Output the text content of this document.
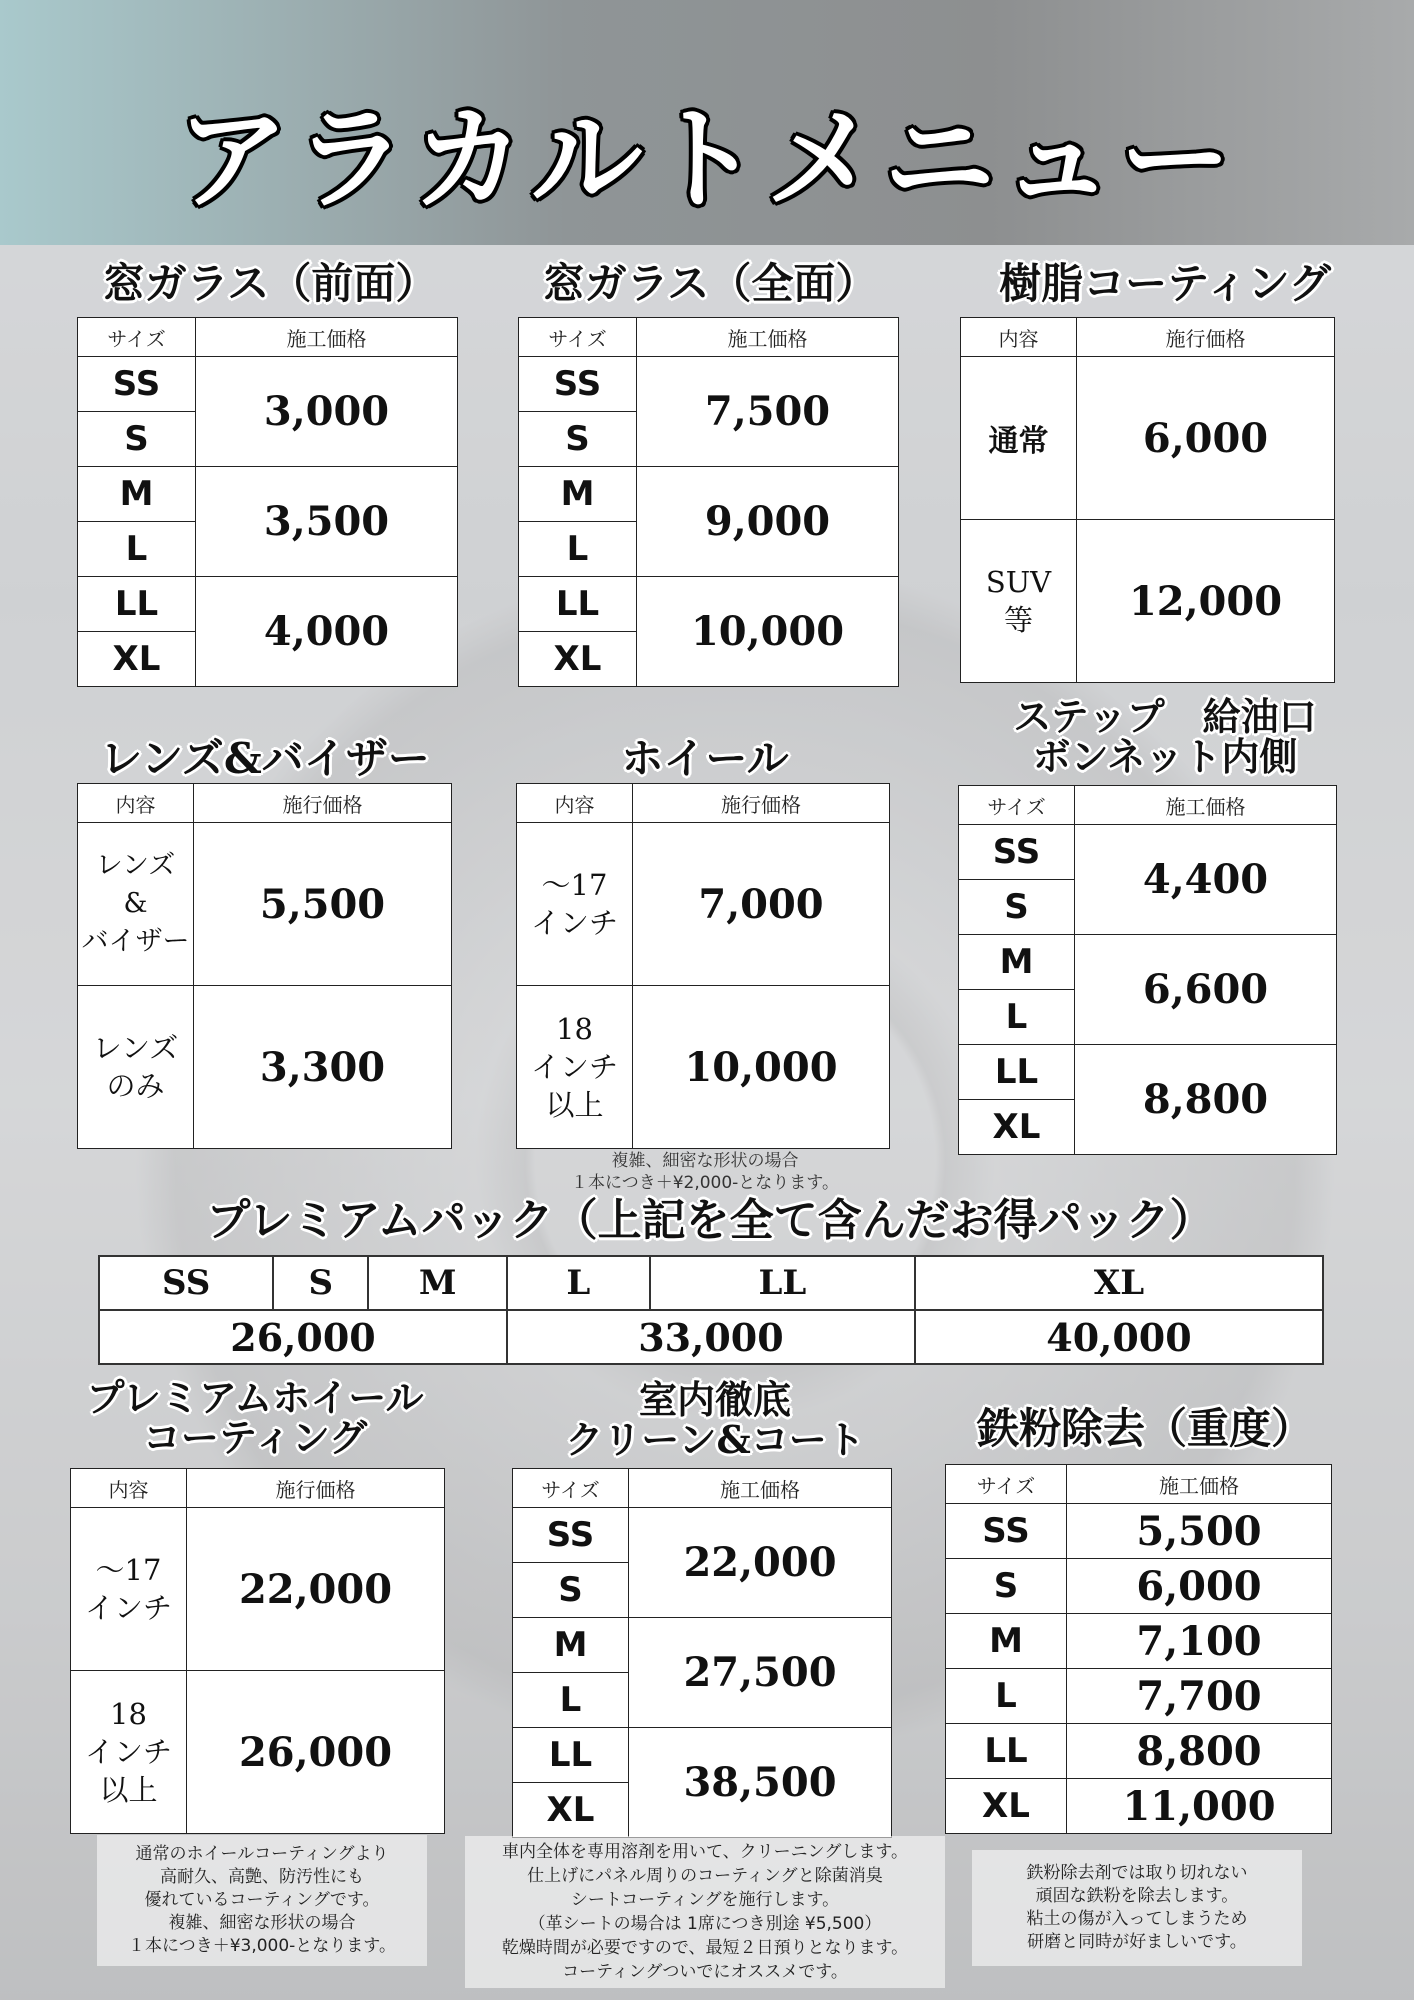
アラカルトメニュー
窓ガラス（前面）
サイズ	施工価格
SS	3,000
S	
M	3,500
L	
LL	4,000
XL	
窓ガラス（全面）
サイズ	施工価格
SS	7,500
S	
M	9,000
L	
LL	10,000
XL	
樹脂コーティング
内容	施行価格
通常	6,000

SUV
等	12,000
レンズ&バイザー
内容	施行価格

レンズ
&
バイザー	5,500

レンズ
のみ	3,300
ホイール
内容	施行価格

〜17
インチ	7,000

18
インチ
以上	10,000
複雑、細密な形状の場合
１本につき＋¥2,000-となります。
ステップ　給油口
ボンネット内側
サイズ	施工価格
SS	4,400
S	
M	6,600
L	
LL	8,800
XL	
プレミアムパック（上記を全て含んだお得パック）
SS	S	M	L	LL	XL
26,000			33,000		40,000
プレミアムホイール
コーティング
内容	施行価格

〜17
インチ	22,000

18
インチ
以上	26,000
通常のホイールコーティングより
高耐久、高艶、防汚性にも
優れているコーティングです。
複雑、細密な形状の場合
１本につき＋¥3,000-となります。
室内徹底
クリーン&コート
サイズ	施工価格
SS	22,000
S	
M	27,500
L	
LL	38,500
XL	
車内全体を専用溶剤を用いて、クリーニングします。
仕上げにパネル周りのコーティングと除菌消臭
シートコーティングを施行します。
（革シートの場合は 1席につき別途 ¥5,500）
乾燥時間が必要ですので、最短２日預りとなります。
コーティングついでにオススメです。
鉄粉除去（重度）
サイズ	施工価格
SS	5,500
S	6,000
M	7,100
L	7,700
LL	8,800
XL	11,000
鉄粉除去剤では取り切れない
頑固な鉄粉を除去します。
粘土の傷が入ってしまうため
研磨と同時が好ましいです。
